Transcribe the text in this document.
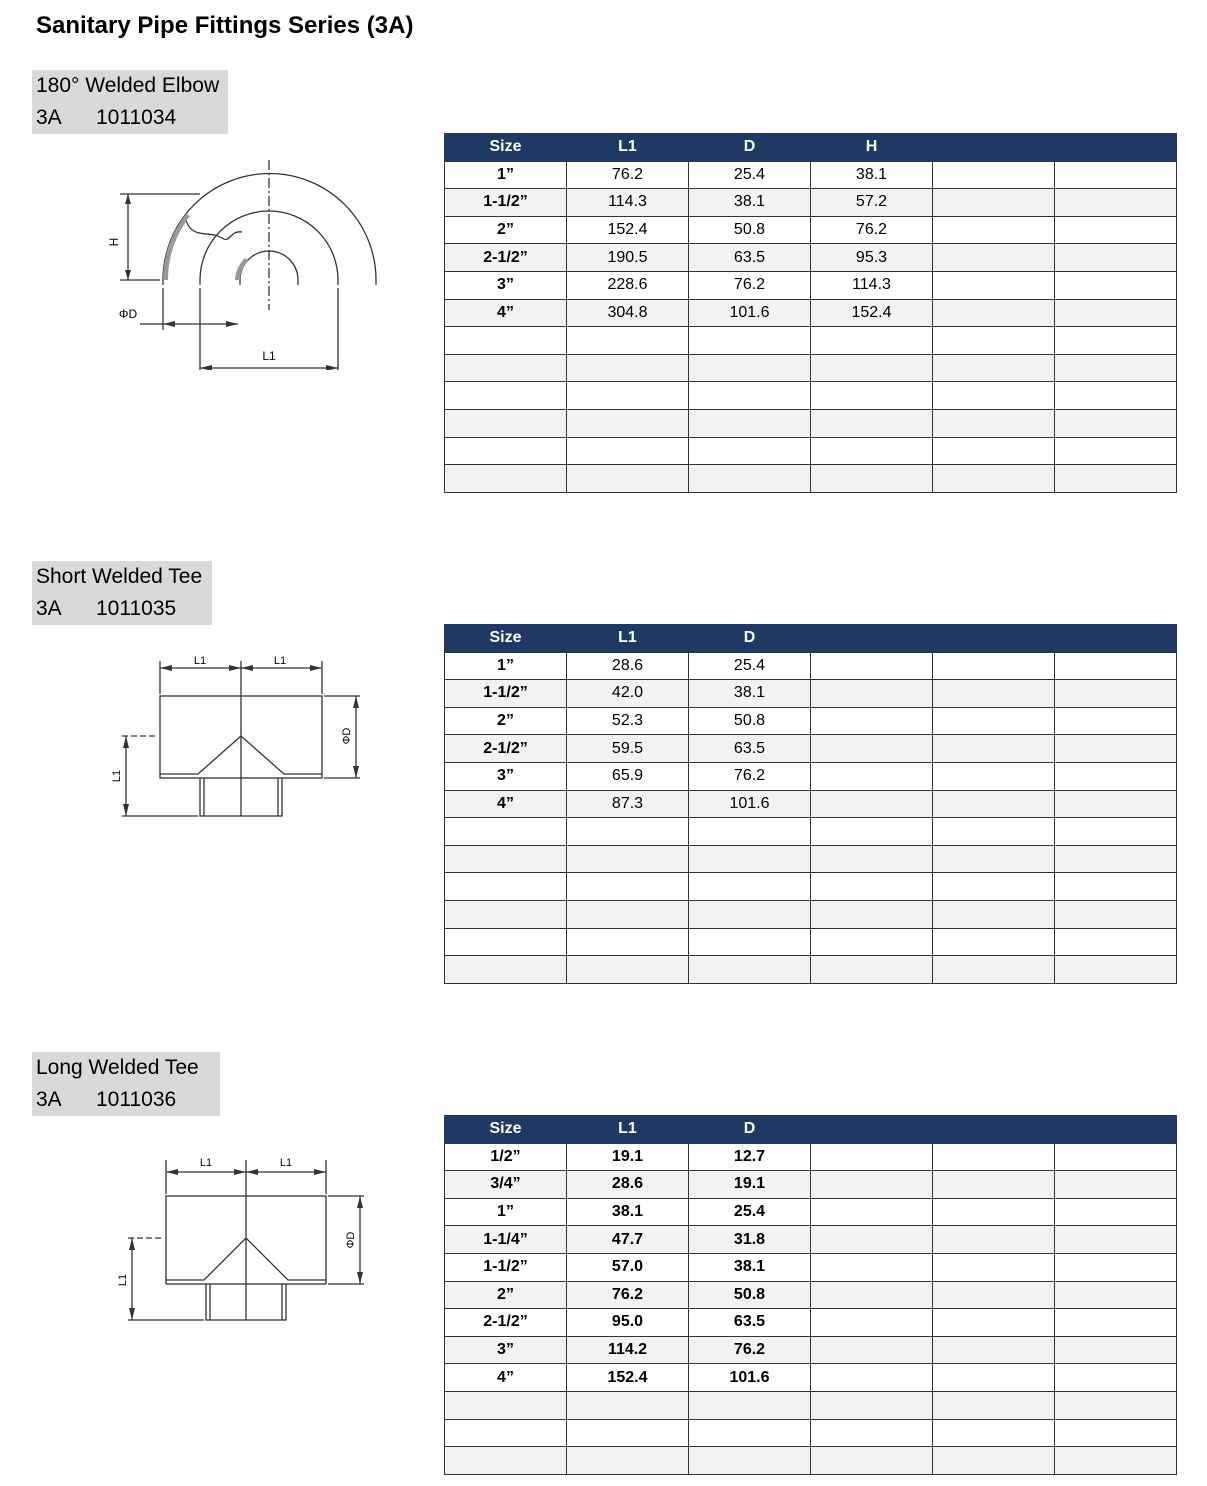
Sanitary Pipe Fittings Series (3A)
180° Welded Elbow
3A 1011034
H
ΦD
L1
Size	L1	D	H		
1”	76.2	25.4	38.1		
1-1/2”	114.3	38.1	57.2		
2”	152.4	50.8	76.2		
2-1/2”	190.5	63.5	95.3		
3”	228.6	76.2	114.3		
4”	304.8	101.6	152.4		

Short Welded Tee
3A 1011035
L1	L1
ΦD
L1
Size	L1	D			
1”	28.6	25.4			
1-1/2”	42.0	38.1			
2”	52.3	50.8			
2-1/2”	59.5	63.5			
3”	65.9	76.2			
4”	87.3	101.6			

Long Welded Tee
3A 1011036
L1	L1
ΦD
L1
Size	L1	D			
1/2”	19.1	12.7			
3/4”	28.6	19.1			
1”	38.1	25.4			
1-1/4”	47.7	31.8			
1-1/2”	57.0	38.1			
2”	76.2	50.8			
2-1/2”	95.0	63.5			
3”	114.2	76.2			
4”	152.4	101.6			
